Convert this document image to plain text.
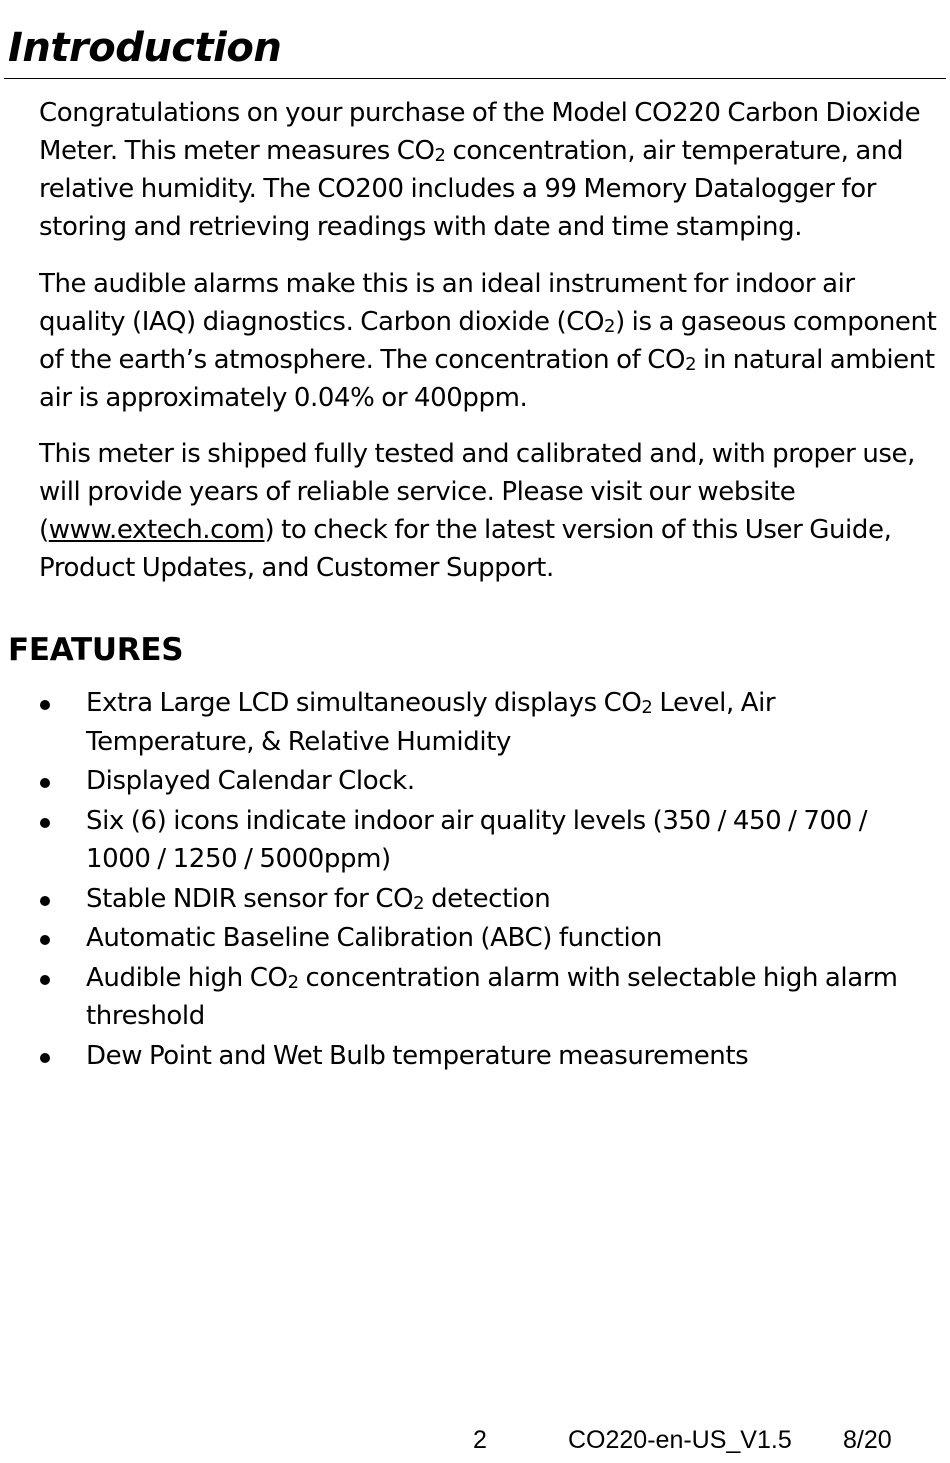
Introduction

Congratulations on your purchase of the Model CO220 Carbon Dioxide Meter. This meter measures $CO_2$ concentration, air temperature, and relative humidity. The CO200 includes a 99 Memory Datalogger for storing and retrieving readings with date and time stamping.

The audible alarms make this is an ideal instrument for indoor air quality (IAQ) diagnostics. Carbon dioxide $(CO_2)$ is a gaseous component of the earth’s atmosphere. The concentration of $CO_2$ in natural ambient air is approximately 0.04% or 400ppm.

This meter is shipped fully tested and calibrated and, with proper use, will provide years of reliable service. Please visit our website (www.extech.com) to check for the latest version of this User Guide, Product Updates, and Customer Support.

FEATURES
Extra Large LCD simultaneously displays $CO_2$ Level, Air Temperature, & Relative Humidity
Displayed Calendar Clock.
Six (6) icons indicate indoor air quality levels (350 / 450 / 700 / 1000 / 1250 / 5000ppm)
Stable NDIR sensor for $CO_2$ detection
Automatic Baseline Calibration (ABC) function
Audible high $CO_2$ concentration alarm with selectable high alarm threshold
Dew Point and Wet Bulb temperature measurements
2	CO220-en-US_V1.5 8/20
